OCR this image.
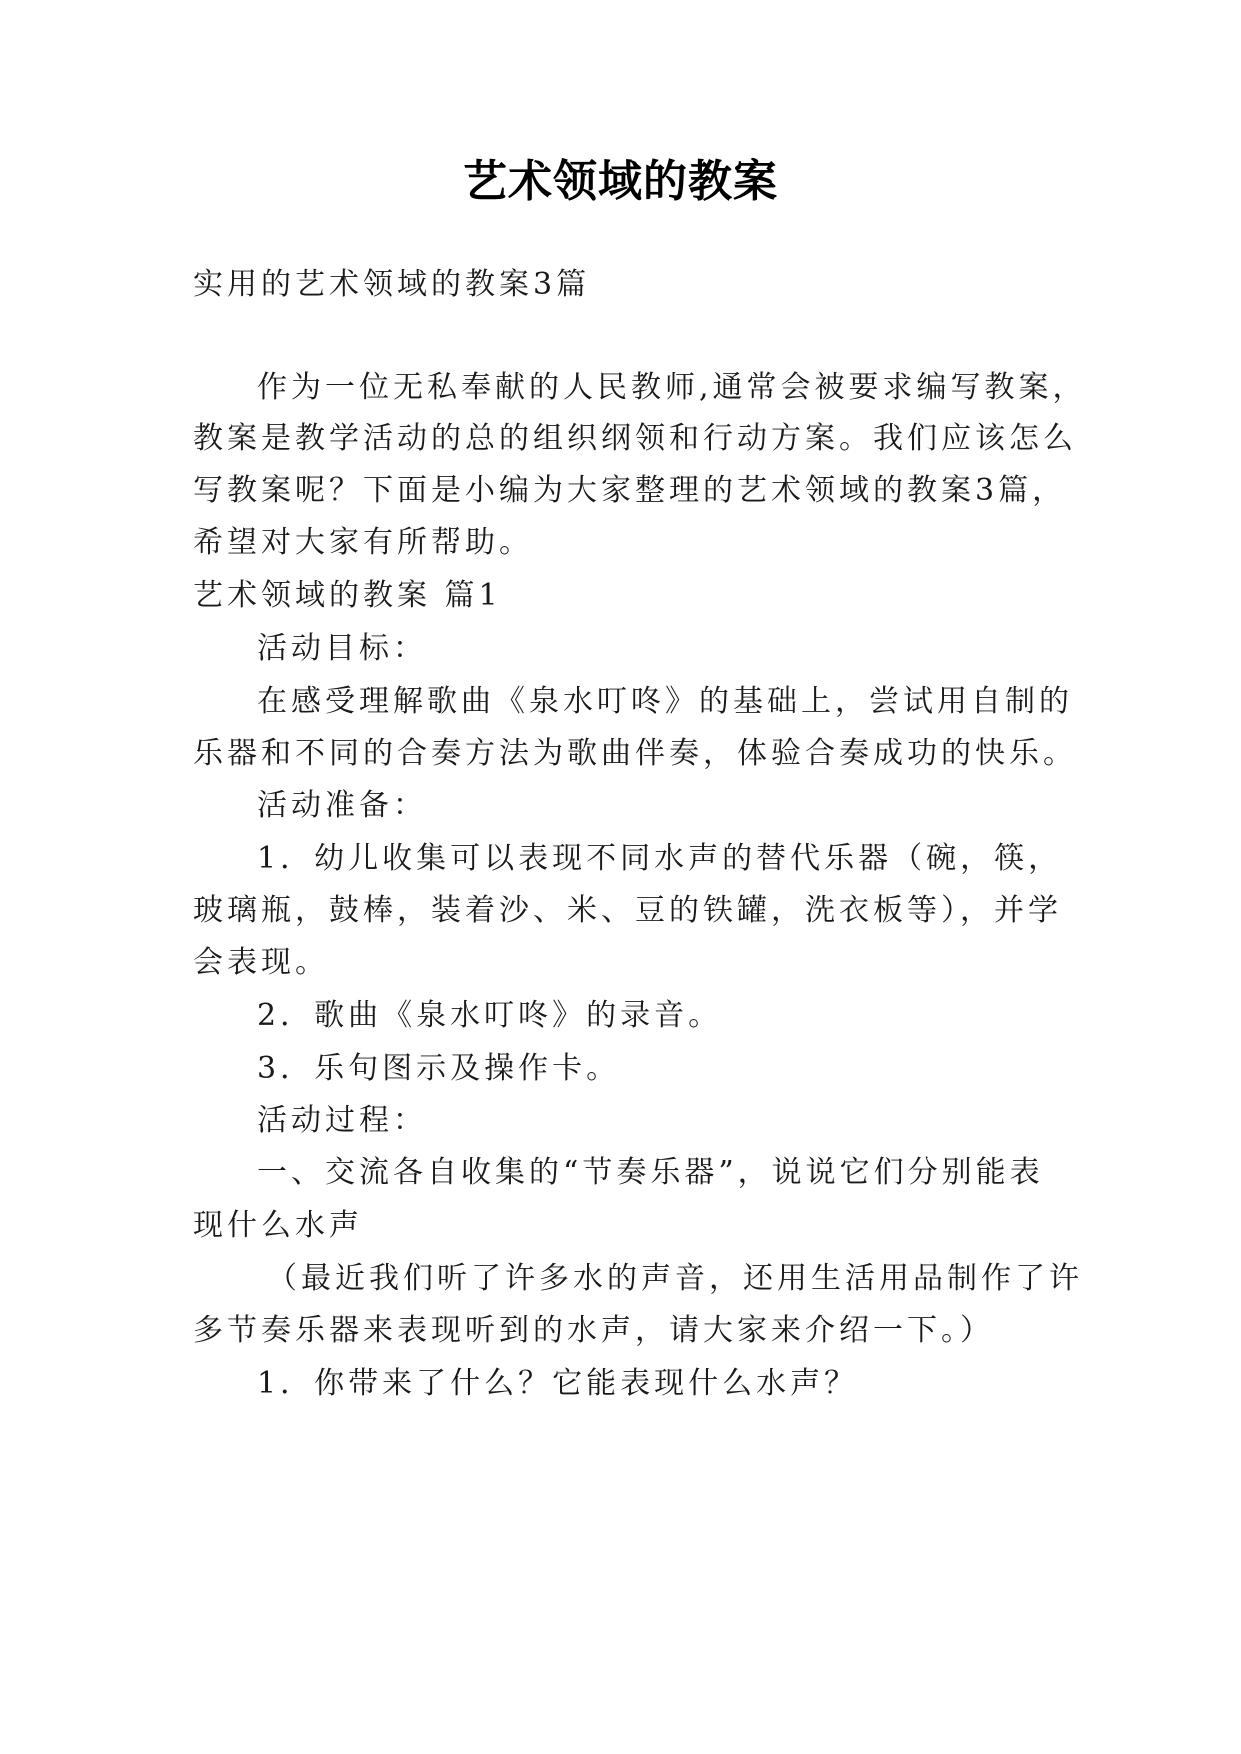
艺术领域的教案
实用的艺术领域的教案3篇
作为一位无私奉献的人民教师,通常会被要求编写教案，
教案是教学活动的总的组织纲领和行动方案。我们应该怎么
写教案呢？下面是小编为大家整理的艺术领域的教案3篇，
希望对大家有所帮助。
艺术领域的教案 篇1
活动目标：
在感受理解歌曲《泉水叮咚》的基础上，尝试用自制的
乐器和不同的合奏方法为歌曲伴奏，体验合奏成功的快乐。
活动准备：
1．幼儿收集可以表现不同水声的替代乐器（碗，筷，
玻璃瓶，鼓棒，装着沙、米、豆的铁罐，洗衣板等），并学
会表现。
2．歌曲《泉水叮咚》的录音。
3．乐句图示及操作卡。
活动过程：
一、交流各自收集的“节奏乐器”，说说它们分别能表
现什么水声
（最近我们听了许多水的声音，还用生活用品制作了许
多节奏乐器来表现听到的水声，请大家来介绍一下。）
1．你带来了什么？它能表现什么水声？
